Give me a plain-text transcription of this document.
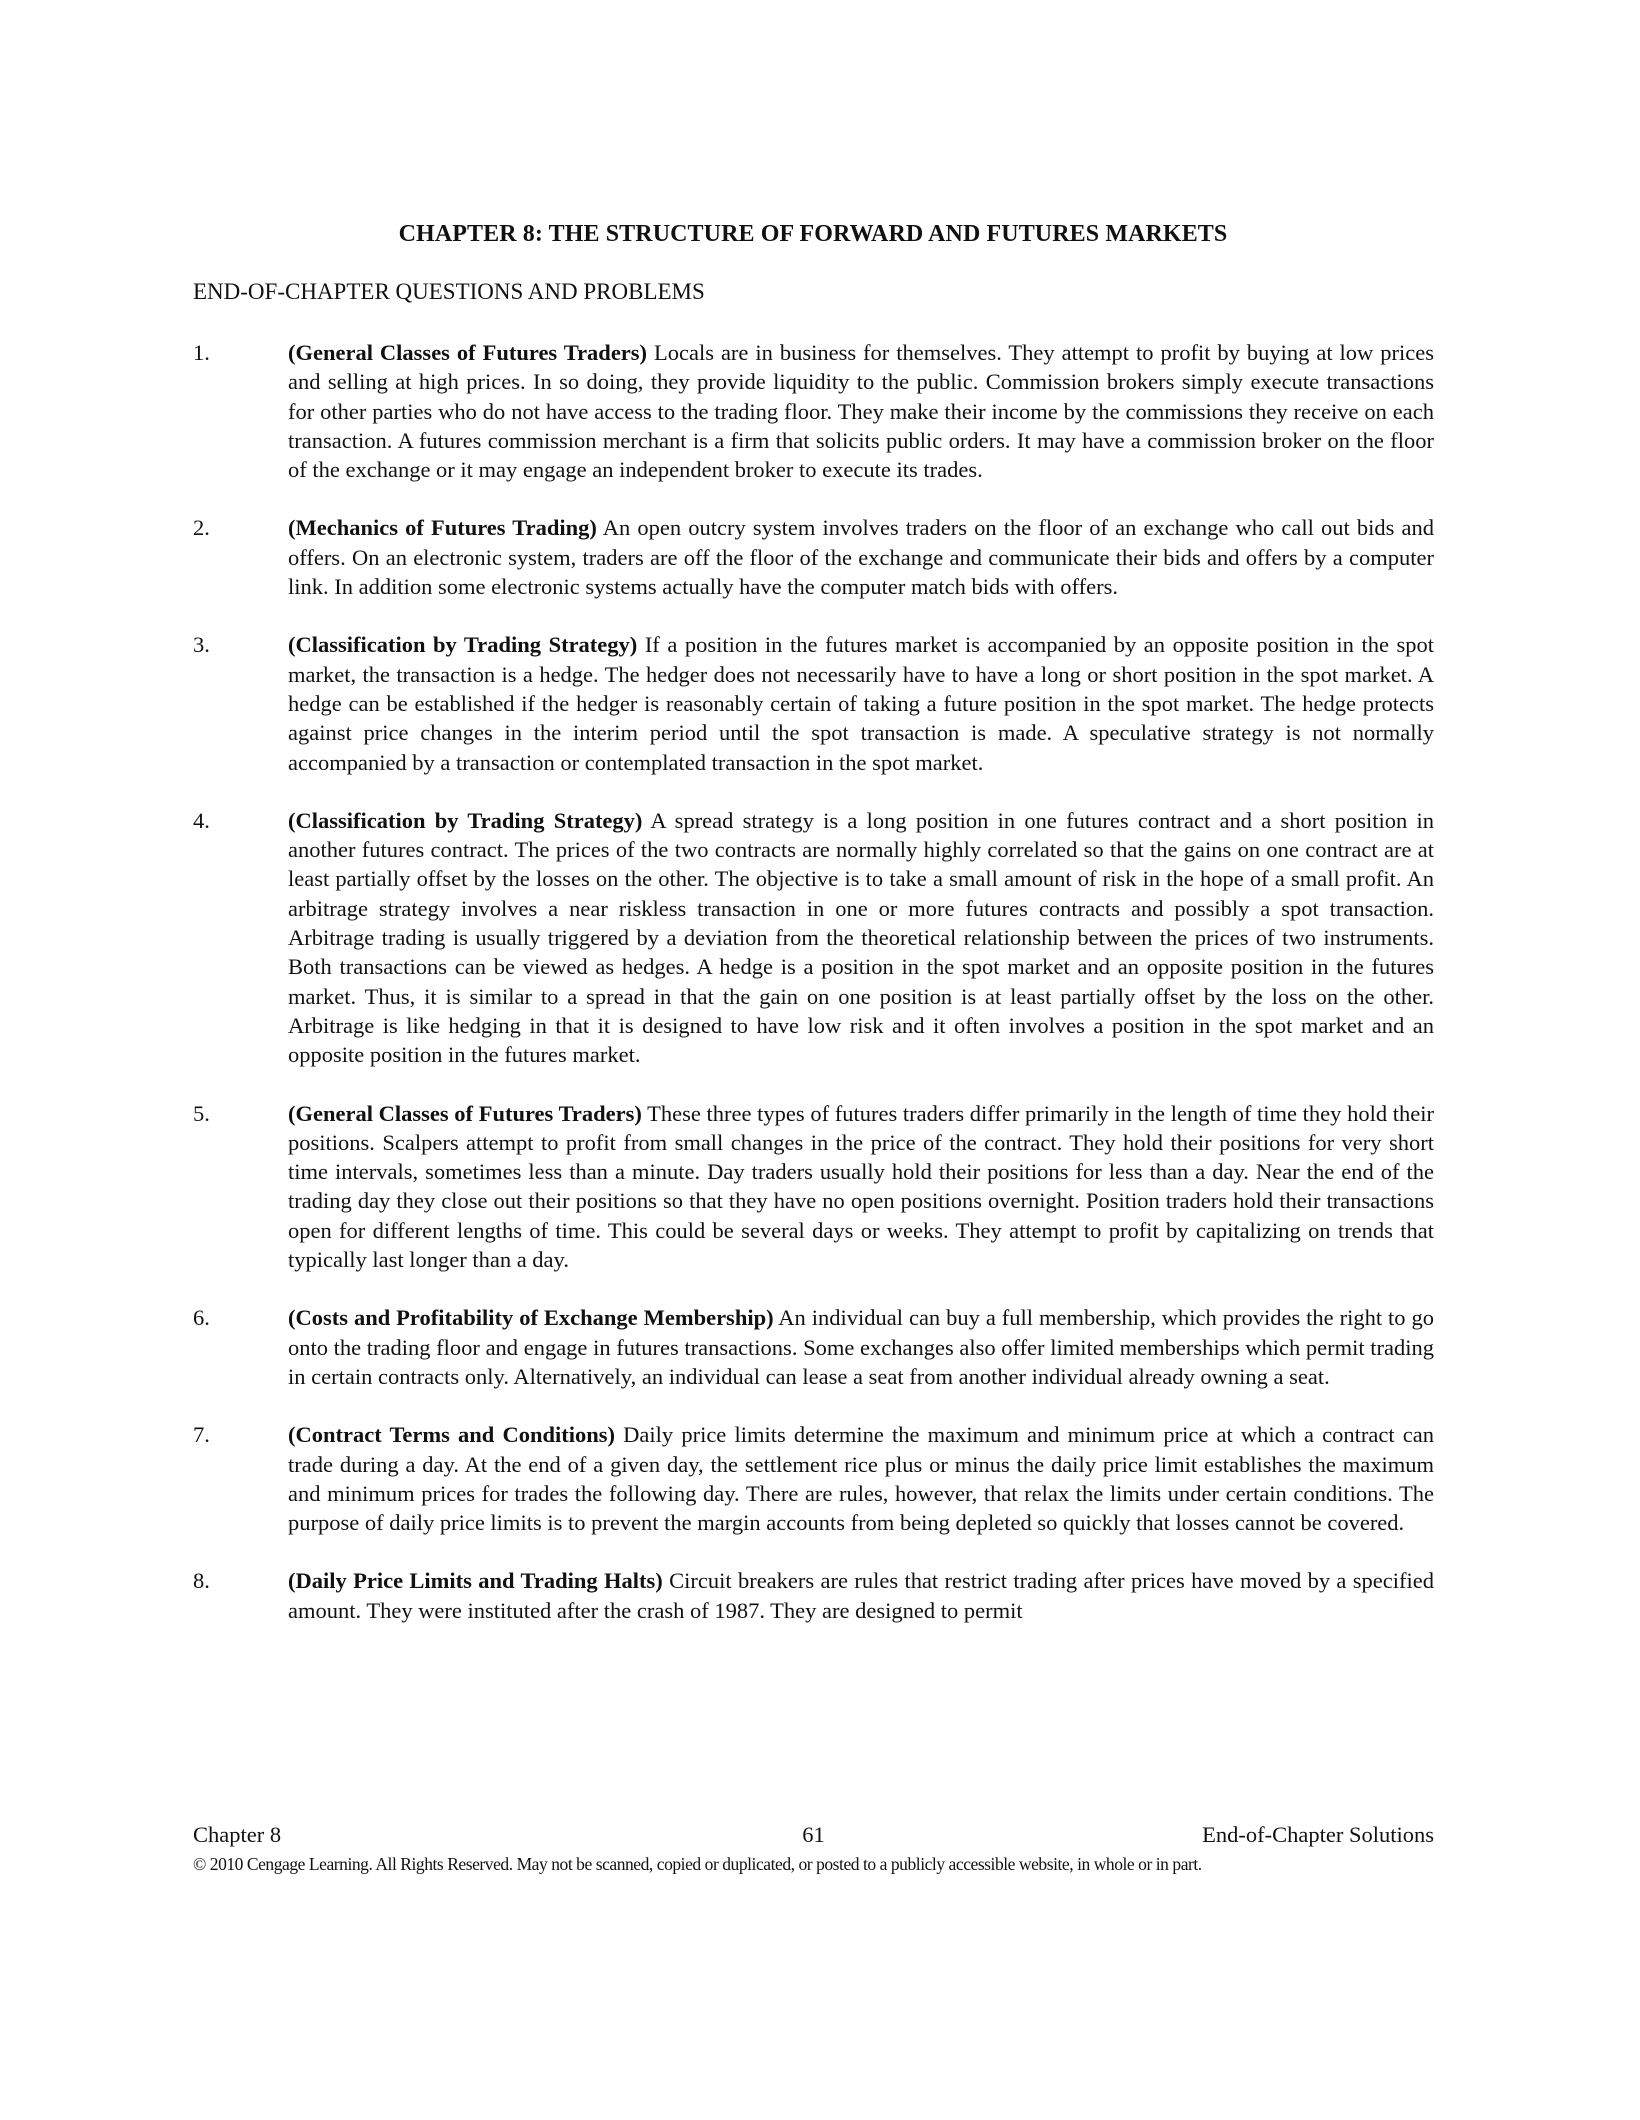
CHAPTER 8: THE STRUCTURE OF FORWARD AND FUTURES MARKETS
END-OF-CHAPTER QUESTIONS AND PROBLEMS
1.	(General Classes of Futures Traders) Locals are in business for themselves. They attempt to profit by buying at low prices and selling at high prices. In so doing, they provide liquidity to the public. Commission brokers simply execute transactions for other parties who do not have access to the trading floor. They make their income by the commissions they receive on each transaction. A futures commission merchant is a firm that solicits public orders. It may have a commission broker on the floor of the exchange or it may engage an independent broker to execute its trades.
2.	(Mechanics of Futures Trading) An open outcry system involves traders on the floor of an exchange who call out bids and offers. On an electronic system, traders are off the floor of the exchange and communicate their bids and offers by a computer link. In addition some electronic systems actually have the computer match bids with offers.
3.	(Classification by Trading Strategy) If a position in the futures market is accompanied by an opposite position in the spot market, the transaction is a hedge. The hedger does not necessarily have to have a long or short position in the spot market. A hedge can be established if the hedger is reasonably certain of taking a future position in the spot market. The hedge protects against price changes in the interim period until the spot transaction is made. A speculative strategy is not normally accompanied by a transaction or contemplated transaction in the spot market.
4.	(Classification by Trading Strategy) A spread strategy is a long position in one futures contract and a short position in another futures contract. The prices of the two contracts are normally highly correlated so that the gains on one contract are at least partially offset by the losses on the other. The objective is to take a small amount of risk in the hope of a small profit. An arbitrage strategy involves a near riskless transaction in one or more futures contracts and possibly a spot transaction. Arbitrage trading is usually triggered by a deviation from the theoretical relationship between the prices of two instruments. Both transactions can be viewed as hedges. A hedge is a position in the spot market and an opposite position in the futures market. Thus, it is similar to a spread in that the gain on one position is at least partially offset by the loss on the other. Arbitrage is like hedging in that it is designed to have low risk and it often involves a position in the spot market and an opposite position in the futures market.
5.	(General Classes of Futures Traders) These three types of futures traders differ primarily in the length of time they hold their positions. Scalpers attempt to profit from small changes in the price of the contract. They hold their positions for very short time intervals, sometimes less than a minute. Day traders usually hold their positions for less than a day. Near the end of the trading day they close out their positions so that they have no open positions overnight. Position traders hold their transactions open for different lengths of time. This could be several days or weeks. They attempt to profit by capitalizing on trends that typically last longer than a day.
6.	(Costs and Profitability of Exchange Membership) An individual can buy a full membership, which provides the right to go onto the trading floor and engage in futures transactions. Some exchanges also offer limited memberships which permit trading in certain contracts only. Alternatively, an individual can lease a seat from another individual already owning a seat.
7.	(Contract Terms and Conditions) Daily price limits determine the maximum and minimum price at which a contract can trade during a day. At the end of a given day, the settlement rice plus or minus the daily price limit establishes the maximum and minimum prices for trades the following day. There are rules, however, that relax the limits under certain conditions. The purpose of daily price limits is to prevent the margin accounts from being depleted so quickly that losses cannot be covered.
8.	(Daily Price Limits and Trading Halts) Circuit breakers are rules that restrict trading after prices have moved by a specified amount. They were instituted after the crash of 1987. They are designed to permit
61
Chapter 8	End-of-Chapter Solutions
© 2010 Cengage Learning. All Rights Reserved. May not be scanned, copied or duplicated, or posted to a publicly accessible website, in whole or in part.
